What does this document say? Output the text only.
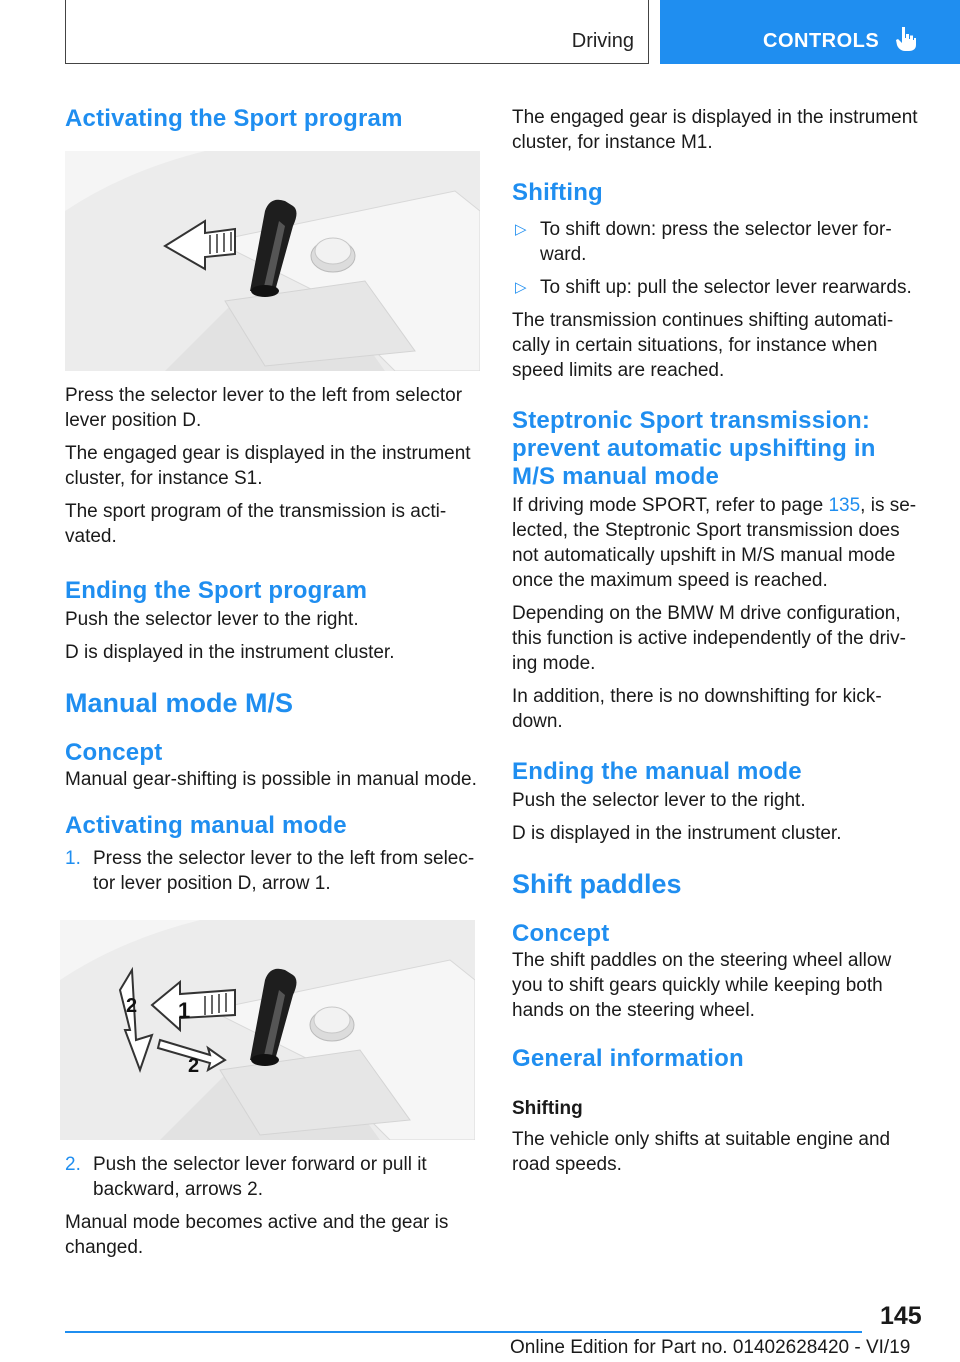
Driving	CONTROLS
Activating the Sport program

Press the selector lever to the left from selector lever position D.

The engaged gear is displayed in the instrument cluster, for instance S1.

The sport program of the transmission is activated.

Ending the Sport program

Push the selector lever to the right.

D is displayed in the instrument cluster.

Manual mode M/S
Concept

Manual gear-shifting is possible in manual mode.

Activating manual mode
1. Press the selector lever to the left from selector lever position D, arrow 1.
1
2
2
2. Push the selector lever forward or pull it backward, arrows 2.

Manual mode becomes active and the gear is changed.

The engaged gear is displayed in the instrument cluster, for instance M1.

Shifting
▷ To shift down: press the selector lever forward.
▷ To shift up: pull the selector lever rearwards.

The transmission continues shifting automatically in certain situations, for instance when speed limits are reached.

Steptronic Sport transmission: prevent automatic upshifting in M/S manual mode

If driving mode SPORT, refer to page 135, is selected, the Steptronic Sport transmission does not automatically upshift in M/S manual mode once the maximum speed is reached.

Depending on the BMW M drive configuration, this function is active independently of the driving mode.

In addition, there is no downshifting for kickdown.

Ending the manual mode

Push the selector lever to the right.

D is displayed in the instrument cluster.

Shift paddles
Concept

The shift paddles on the steering wheel allow you to shift gears quickly while keeping both hands on the steering wheel.

General information
Shifting

The vehicle only shifts at suitable engine and road speeds.

145
Online Edition for Part no. 01402628420 - VI/19
